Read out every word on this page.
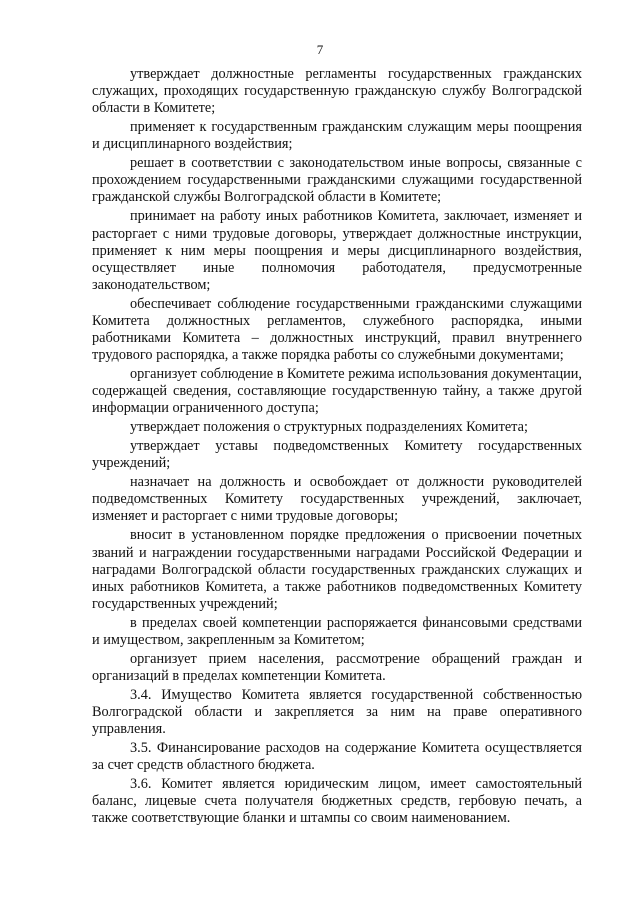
7

утверждает должностные регламенты государственных гражданских служащих, проходящих государственную гражданскую службу Волгоградской области в Комитете;

применяет к государственным гражданским служащим меры поощрения и дисциплинарного воздействия;

решает в соответствии с законодательством иные вопросы, связанные с прохождением государственными гражданскими служащими государственной гражданской службы Волгоградской области в Комитете;

принимает на работу иных работников Комитета, заключает, изменяет и расторгает с ними трудовые договоры, утверждает должностные инструкции, применяет к ним меры поощрения и меры дисциплинарного воздействия, осуществляет иные полномочия работодателя, предусмотренные законодательством;

обеспечивает соблюдение государственными гражданскими служащими Комитета должностных регламентов, служебного распорядка, иными работниками Комитета – должностных инструкций, правил внутреннего трудового распорядка, а также порядка работы со служебными документами;

организует соблюдение в Комитете режима использования документации, содержащей сведения, составляющие государственную тайну, а также другой информации ограниченного доступа;

утверждает положения о структурных подразделениях Комитета;

утверждает уставы подведомственных Комитету государственных учреждений;

назначает на должность и освобождает от должности руководителей подведомственных Комитету государственных учреждений, заключает, изменяет и расторгает с ними трудовые договоры;

вносит в установленном порядке предложения о присвоении почетных званий и награждении государственными наградами Российской Федерации и наградами Волгоградской области государственных гражданских служащих и иных работников Комитета, а также работников подведомственных Комитету государственных учреждений;

в пределах своей компетенции распоряжается финансовыми средствами и имуществом, закрепленным за Комитетом;

организует прием населения, рассмотрение обращений граждан и организаций в пределах компетенции Комитета.

3.4. Имущество Комитета является государственной собственностью Волгоградской области и закрепляется за ним на праве оперативного управления.

3.5. Финансирование расходов на содержание Комитета осуществляется за счет средств областного бюджета.

3.6. Комитет является юридическим лицом, имеет самостоятельный баланс, лицевые счета получателя бюджетных средств, гербовую печать, а также соответствующие бланки и штампы со своим наименованием.
